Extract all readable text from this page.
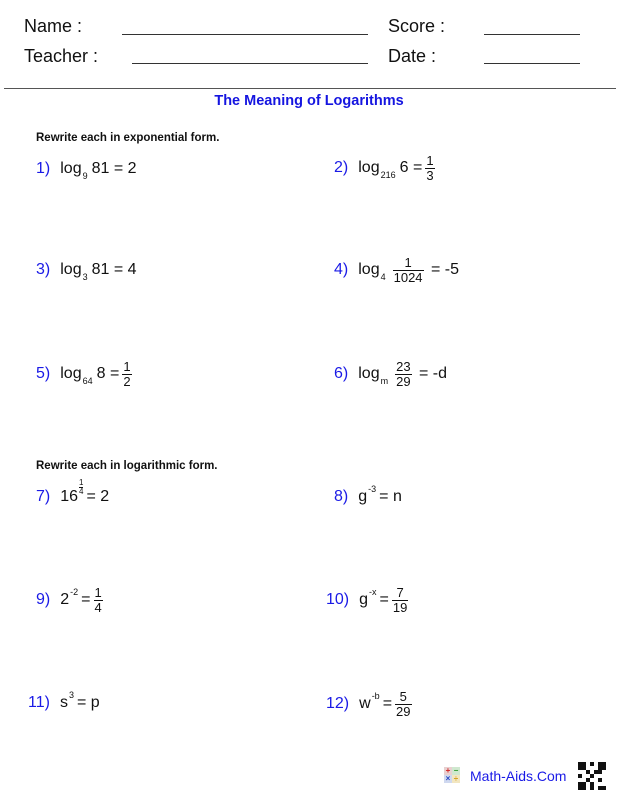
Name :	Score :
Teacher :	Date :
The Meaning of Logarithms
Rewrite each in exponential form.
1) log 9 81
= 2	2) log 216 6
= $\frac{1}{3}$
3) log 3 81
= 4	4) $\log 4 \frac{1}{1024}$
= -5
5) log 64 8
= $\frac{1}{2}$	6) log m $\frac{23}{29}$
= -d
Rewrite each in logarithmic form.
7) 16
$\frac{1}{4}$
= 2	8) g -3 = n
9) 2 $-2 = \frac{1}{4}$	10) g $-x = \frac{7}{19}$
11) s 3 = p	12) w $-b = \frac{5}{29}$
+ −
× ÷ Math-Aids.Com
